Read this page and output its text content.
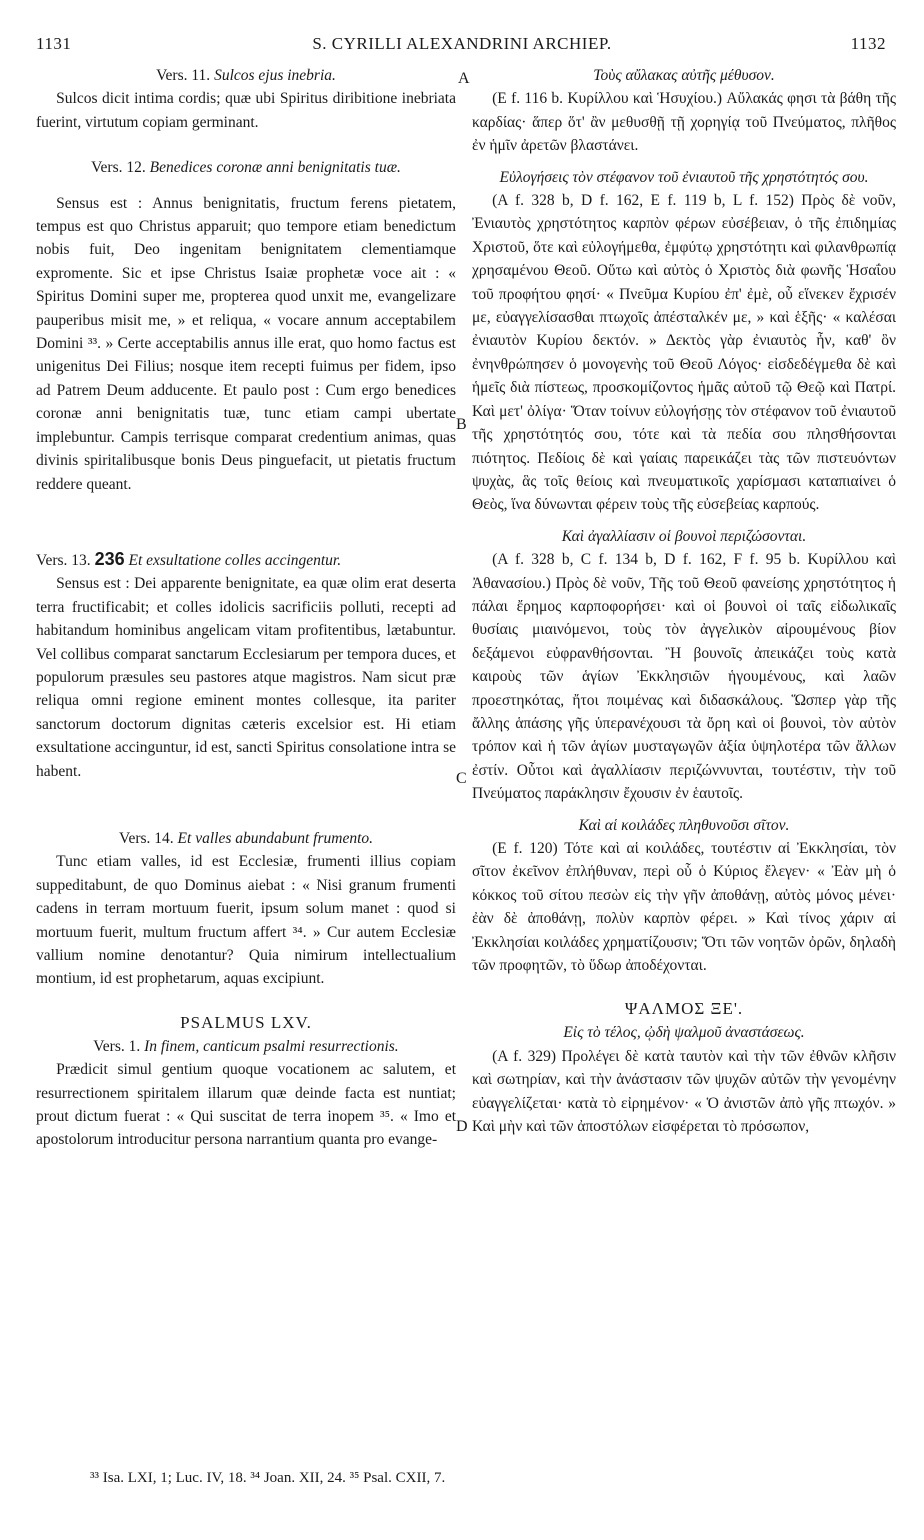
1131	S. CYRILLI ALEXANDRINI ARCHIEP.	1132
A
B
C
D
Vers. 11. Sulcos ejus inebria.

Sulcos dicit intima cordis; quæ ubi Spiritus diribitione inebriata fuerint, virtutum copiam germinant.

Vers. 12. Benedices coronæ anni benignitatis tuæ.

Sensus est : Annus benignitatis, fructum ferens pietatem, tempus est quo Christus apparuit; quo tempore etiam benedictum nobis fuit, Deo ingenitam benignitatem clementiamque expromente. Sic et ipse Christus Isaiæ prophetæ voce ait : « Spiritus Domini super me, propterea quod unxit me, evangelizare pauperibus misit me, » et reliqua, « vocare annum acceptabilem Domini ³³. » Certe acceptabilis annus ille erat, quo homo factus est unigenitus Dei Filius; nosque item recepti fuimus per fidem, ipso ad Patrem Deum adducente. Et paulo post : Cum ergo benedices coronæ anni benignitatis tuæ, tunc etiam campi ubertate implebuntur. Campis terrisque comparat credentium animas, quas divinis spiritalibusque bonis Deus pinguefacit, ut pietatis fructum reddere queant.

Vers. 13. 236 Et exsultatione colles accingentur.

Sensus est : Dei apparente benignitate, ea quæ olim erat deserta terra fructificabit; et colles idolicis sacrificiis polluti, recepti ad habitandum hominibus angelicam vitam profitentibus, lætabuntur. Vel collibus comparat sanctarum Ecclesiarum per tempora duces, et populorum præsules seu pastores atque magistros. Nam sicut præ reliqua omni regione eminent montes collesque, ita pariter sanctorum doctorum dignitas cæteris excelsior est. Hi etiam exsultatione accinguntur, id est, sancti Spiritus consolatione intra se habent.

Vers. 14. Et valles abundabunt frumento.

Tunc etiam valles, id est Ecclesiæ, frumenti illius copiam suppeditabunt, de quo Dominus aiebat : « Nisi granum frumenti cadens in terram mortuum fuerit, ipsum solum manet : quod si mortuum fuerit, multum fructum affert ³⁴. » Cur autem Ecclesiæ vallium nomine denotantur? Quia nimirum intellectualium montium, id est prophetarum, aquas excipiunt.

PSALMUS LXV.
Vers. 1. In finem, canticum psalmi resurrectionis.

Prædicit simul gentium quoque vocationem ac salutem, et resurrectionem spiritalem illarum quæ deinde facta est nuntiat; prout dictum fuerat : « Qui suscitat de terra inopem ³⁵. « Imo et apostolorum introducitur persona narrantium quanta pro evange-

Τοὺς αὔλακας αὐτῆς μέθυσον.

(E f. 116 b. Κυρίλλου καὶ Ἡσυχίου.) Αὔλακάς φησι τὰ βάθη τῆς καρδίας· ἅπερ ὅτ' ἂν μεθυσθῇ τῇ χορηγίᾳ τοῦ Πνεύματος, πλῆθος ἐν ἡμῖν ἀρετῶν βλαστάνει.

Εὐλογήσεις τὸν στέφανον τοῦ ἐνιαυτοῦ τῆς χρηστότητός σου.

(A f. 328 b, D f. 162, E f. 119 b, L f. 152) Πρὸς δὲ νοῦν, Ἐνιαυτὸς χρηστότητος καρπὸν φέρων εὐσέβειαν, ὁ τῆς ἐπιδημίας Χριστοῦ, ὅτε καὶ εὐλογήμεθα, ἐμφύτῳ χρηστότητι καὶ φιλανθρωπίᾳ χρησαμένου Θεοῦ. Οὕτω καὶ αὐτὸς ὁ Χριστὸς διὰ φωνῆς Ἡσαΐου τοῦ προφήτου φησί· « Πνεῦμα Κυρίου ἐπ' ἐμὲ, οὗ εἵνεκεν ἔχρισέν με, εὐαγγελίσασθαι πτωχοῖς ἀπέσταλκέν με, » καὶ ἑξῆς· « καλέσαι ἐνιαυτὸν Κυρίου δεκτόν. » Δεκτὸς γὰρ ἐνιαυτὸς ἦν, καθ' ὃν ἐνηνθρώπησεν ὁ μονογενὴς τοῦ Θεοῦ Λόγος· εἰσδεδέγμεθα δὲ καὶ ἡμεῖς διὰ πίστεως, προσκομίζοντος ἡμᾶς αὐτοῦ τῷ Θεῷ καὶ Πατρί. Καὶ μετ' ὀλίγα· Ὅταν τοίνυν εὐλογήσῃς τὸν στέφανον τοῦ ἐνιαυτοῦ τῆς χρηστότητός σου, τότε καὶ τὰ πεδία σου πλησθήσονται πιότητος. Πεδίοις δὲ καὶ γαίαις παρεικάζει τὰς τῶν πιστευόντων ψυχὰς, ἃς τοῖς θείοις καὶ πνευματικοῖς χαρίσμασι καταπιαίνει ὁ Θεὸς, ἵνα δύνωνται φέρειν τοὺς τῆς εὐσεβείας καρπούς.

Καὶ ἀγαλλίασιν οἱ βουνοὶ περιζώσονται.

(A f. 328 b, C f. 134 b, D f. 162, F f. 95 b. Κυρίλλου καὶ Ἀθανασίου.) Πρὸς δὲ νοῦν, Τῆς τοῦ Θεοῦ φανείσης χρηστότητος ἡ πάλαι ἔρημος καρποφορήσει· καὶ οἱ βουνοὶ οἱ ταῖς εἰδωλικαῖς θυσίαις μιαινόμενοι, τοὺς τὸν ἀγγελικὸν αἱρουμένους βίον δεξάμενοι εὐφρανθήσονται. Ἢ βουνοῖς ἀπεικάζει τοὺς κατὰ καιροὺς τῶν ἁγίων Ἐκκλησιῶν ἡγουμένους, καὶ λαῶν προεστηκότας, ἤτοι ποιμένας καὶ διδασκάλους. Ὥσπερ γὰρ τῆς ἄλλης ἁπάσης γῆς ὑπερανέχουσι τὰ ὄρη καὶ οἱ βουνοὶ, τὸν αὐτὸν τρόπον καὶ ἡ τῶν ἁγίων μυσταγωγῶν ἀξία ὑψηλοτέρα τῶν ἄλλων ἐστίν. Οὗτοι καὶ ἀγαλλίασιν περιζώννυνται, τουτέστιν, τὴν τοῦ Πνεύματος παράκλησιν ἔχουσιν ἐν ἑαυτοῖς.

Καὶ αἱ κοιλάδες πληθυνοῦσι σῖτον.

(E f. 120) Τότε καὶ αἱ κοιλάδες, τουτέστιν αἱ Ἐκκλησίαι, τὸν σῖτον ἐκεῖνον ἐπλήθυναν, περὶ οὗ ὁ Κύριος ἔλεγεν· « Ἐὰν μὴ ὁ κόκκος τοῦ σίτου πεσὼν εἰς τὴν γῆν ἀποθάνῃ, αὐτὸς μόνος μένει· ἐὰν δὲ ἀποθάνῃ, πολὺν καρπὸν φέρει. » Καὶ τίνος χάριν αἱ Ἐκκλησίαι κοιλάδες χρηματίζουσιν; Ὅτι τῶν νοητῶν ὀρῶν, δηλαδὴ τῶν προφητῶν, τὸ ὕδωρ ἀποδέχονται.

ΨΑΛΜΟΣ ΞΕ'.
Εἰς τὸ τέλος, ᾠδὴ ψαλμοῦ ἀναστάσεως.

(A f. 329) Προλέγει δὲ κατὰ ταυτὸν καὶ τὴν τῶν ἐθνῶν κλῆσιν καὶ σωτηρίαν, καὶ τὴν ἀνάστασιν τῶν ψυχῶν αὐτῶν τὴν γενομένην εὐαγγελίζεται· κατὰ τὸ εἰρημένον· « Ὁ ἀνιστῶν ἀπὸ γῆς πτωχόν. » Καὶ μὴν καὶ τῶν ἀποστόλων εἰσφέρεται τὸ πρόσωπον,

³³ Isa. LXI, 1; Luc. IV, 18. ³⁴ Joan. XII, 24. ³⁵ Psal. CXII, 7.
